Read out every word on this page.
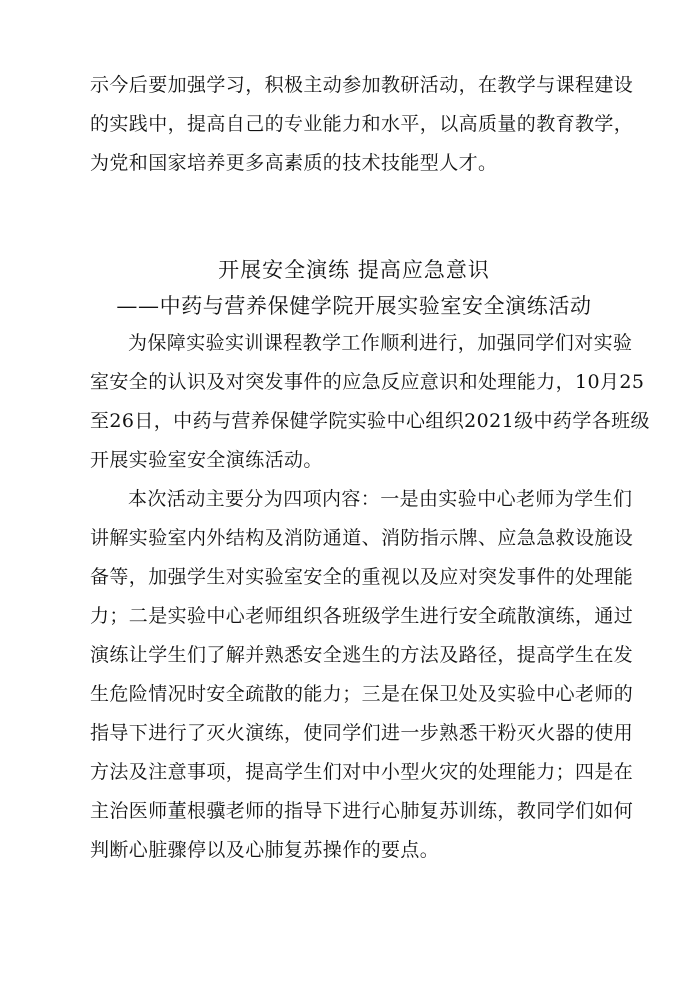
示今后要加强学习，积极主动参加教研活动，在教学与课程建设
的实践中，提高自己的专业能力和水平，以高质量的教育教学，
为党和国家培养更多高素质的技术技能型人才。
开展安全演练 提高应急意识
——中药与营养保健学院开展实验室安全演练活动

为保障实验实训课程教学工作顺利进行，加强同学们对实验
室安全的认识及对突发事件的应急反应意识和处理能力，10月25
至26日，中药与营养保健学院实验中心组织2021级中药学各班级
开展实验室安全演练活动。

本次活动主要分为四项内容：一是由实验中心老师为学生们
讲解实验室内外结构及消防通道、消防指示牌、应急急救设施设
备等，加强学生对实验室安全的重视以及应对突发事件的处理能
力；二是实验中心老师组织各班级学生进行安全疏散演练，通过
演练让学生们了解并熟悉安全逃生的方法及路径，提高学生在发
生危险情况时安全疏散的能力；三是在保卫处及实验中心老师的
指导下进行了灭火演练，使同学们进一步熟悉干粉灭火器的使用
方法及注意事项，提高学生们对中小型火灾的处理能力；四是在
主治医师董根骥老师的指导下进行心肺复苏训练，教同学们如何
判断心脏骤停以及心肺复苏操作的要点。
